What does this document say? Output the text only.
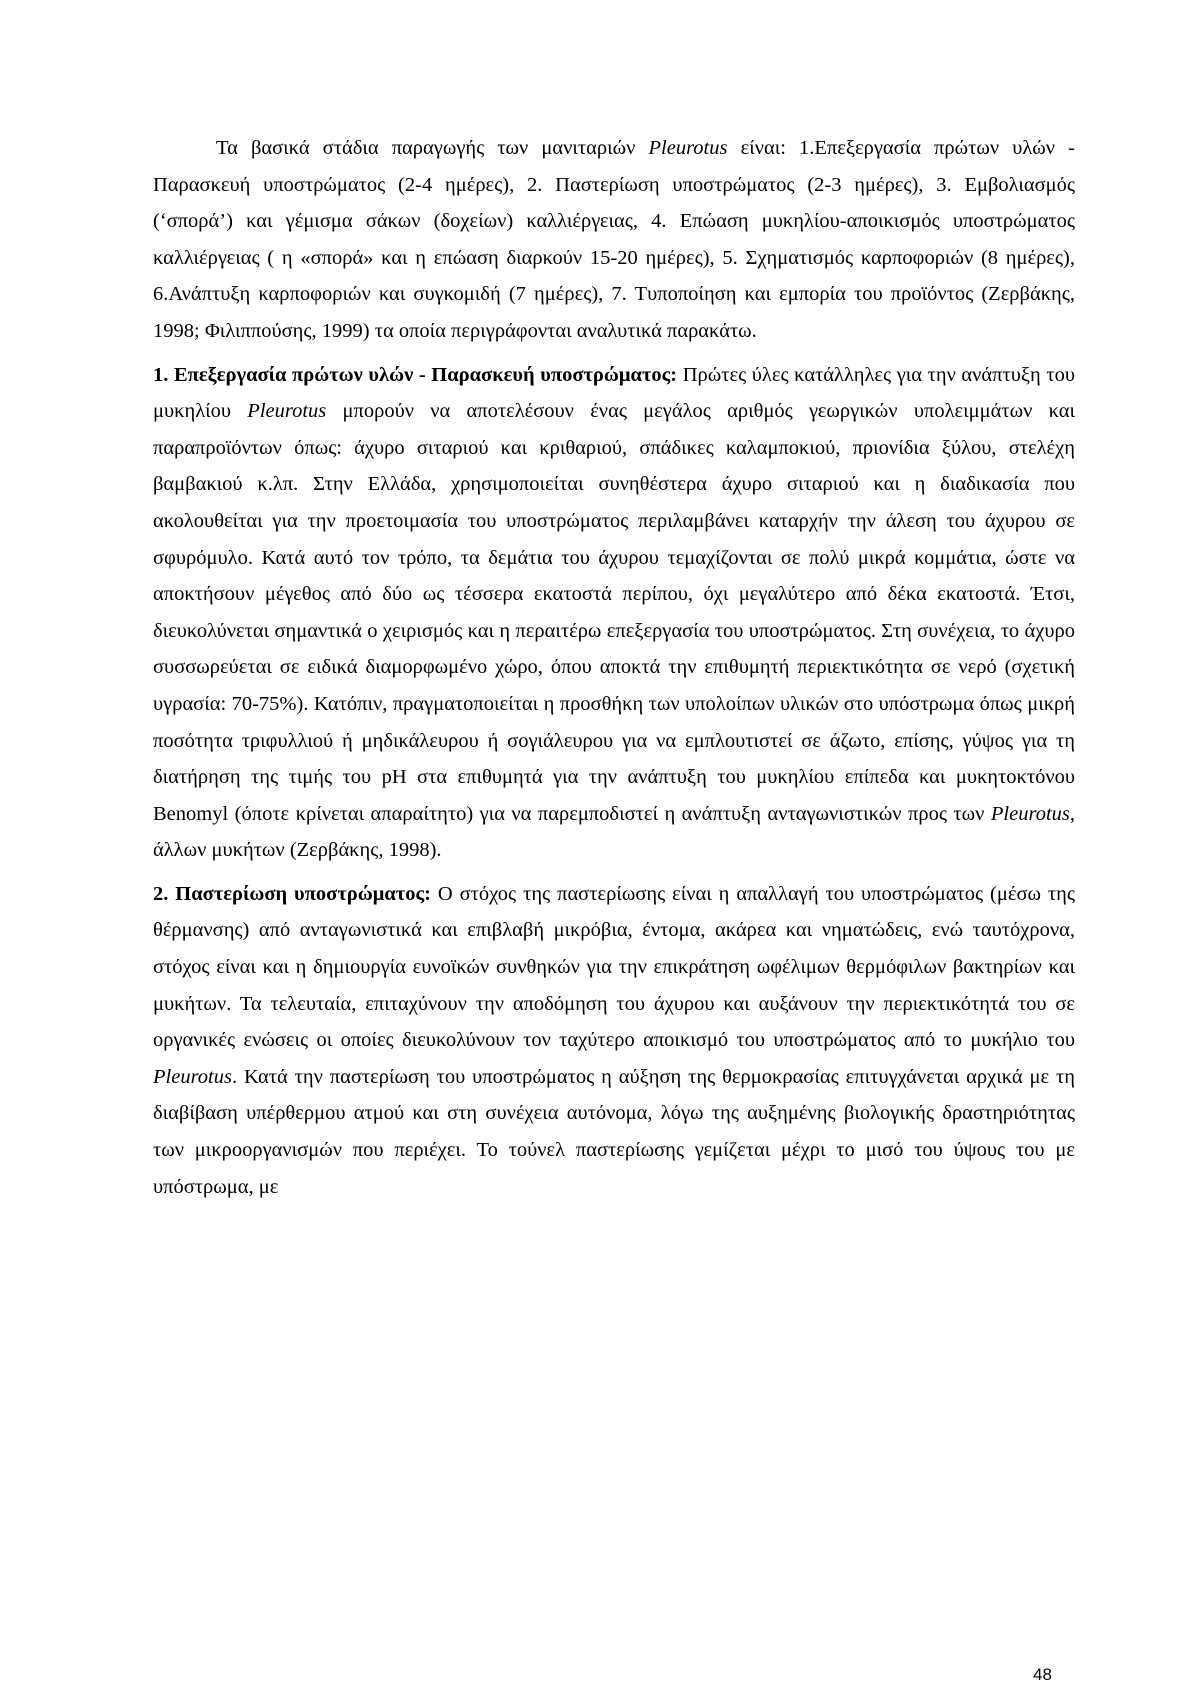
Τα βασικά στάδια παραγωγής των μανιταριών Pleurotus είναι: 1.Επεξεργασία πρώτων υλών - Παρασκευή υποστρώματος (2-4 ημέρες), 2. Παστερίωση υποστρώματος (2-3 ημέρες), 3. Εμβολιασμός (‘σπορά’) και γέμισμα σάκων (δοχείων) καλλιέργειας, 4. Επώαση μυκηλίου-αποικισμός υποστρώματος καλλιέργειας ( η «σπορά» και η επώαση διαρκούν 15-20 ημέρες), 5. Σχηματισμός καρποφοριών (8 ημέρες), 6.Ανάπτυξη καρποφοριών και συγκομιδή (7 ημέρες), 7. Τυποποίηση και εμπορία του προϊόντος (Ζερβάκης, 1998; Φιλιππούσης, 1999) τα οποία περιγράφονται αναλυτικά παρακάτω.

1. Επεξεργασία πρώτων υλών - Παρασκευή υποστρώματος: Πρώτες ύλες κατάλληλες για την ανάπτυξη του μυκηλίου Pleurotus μπορούν να αποτελέσουν ένας μεγάλος αριθμός γεωργικών υπολειμμάτων και παραπροϊόντων όπως: άχυρο σιταριού και κριθαριού, σπάδικες καλαμποκιού, πριονίδια ξύλου, στελέχη βαμβακιού κ.λπ. Στην Ελλάδα, χρησιμοποιείται συνηθέστερα άχυρο σιταριού και η διαδικασία που ακολουθείται για την προετοιμασία του υποστρώματος περιλαμβάνει καταρχήν την άλεση του άχυρου σε σφυρόμυλο. Κατά αυτό τον τρόπο, τα δεμάτια του άχυρου τεμαχίζονται σε πολύ μικρά κομμάτια, ώστε να αποκτήσουν μέγεθος από δύο ως τέσσερα εκατοστά περίπου, όχι μεγαλύτερο από δέκα εκατοστά. Έτσι, διευκολύνεται σημαντικά ο χειρισμός και η περαιτέρω επεξεργασία του υποστρώματος. Στη συνέχεια, το άχυρο συσσωρεύεται σε ειδικά διαμορφωμένο χώρο, όπου αποκτά την επιθυμητή περιεκτικότητα σε νερό (σχετική υγρασία: 70-75%). Κατόπιν, πραγματοποιείται η προσθήκη των υπολοίπων υλικών στο υπόστρωμα όπως μικρή ποσότητα τριφυλλιού ή μηδικάλευρου ή σογιάλευρου για να εμπλουτιστεί σε άζωτο, επίσης, γύψος για τη διατήρηση της τιμής του pH στα επιθυμητά για την ανάπτυξη του μυκηλίου επίπεδα και μυκητοκτόνου Benomyl (όποτε κρίνεται απαραίτητο) για να παρεμποδιστεί η ανάπτυξη ανταγωνιστικών προς των Pleurotus, άλλων μυκήτων (Ζερβάκης, 1998).

2. Παστερίωση υποστρώματος: Ο στόχος της παστερίωσης είναι η απαλλαγή του υποστρώματος (μέσω της θέρμανσης) από ανταγωνιστικά και επιβλαβή μικρόβια, έντομα, ακάρεα και νηματώδεις, ενώ ταυτόχρονα, στόχος είναι και η δημιουργία ευνοϊκών συνθηκών για την επικράτηση ωφέλιμων θερμόφιλων βακτηρίων και μυκήτων. Τα τελευταία, επιταχύνουν την αποδόμηση του άχυρου και αυξάνουν την περιεκτικότητά του σε οργανικές ενώσεις οι οποίες διευκολύνουν τον ταχύτερο αποικισμό του υποστρώματος από το μυκήλιο του Pleurotus. Κατά την παστερίωση του υποστρώματος η αύξηση της θερμοκρασίας επιτυγχάνεται αρχικά με τη διαβίβαση υπέρθερμου ατμού και στη συνέχεια αυτόνομα, λόγω της αυξημένης βιολογικής δραστηριότητας των μικροοργανισμών που περιέχει. Το τούνελ παστερίωσης γεμίζεται μέχρι το μισό του ύψους του με υπόστρωμα, με

48
